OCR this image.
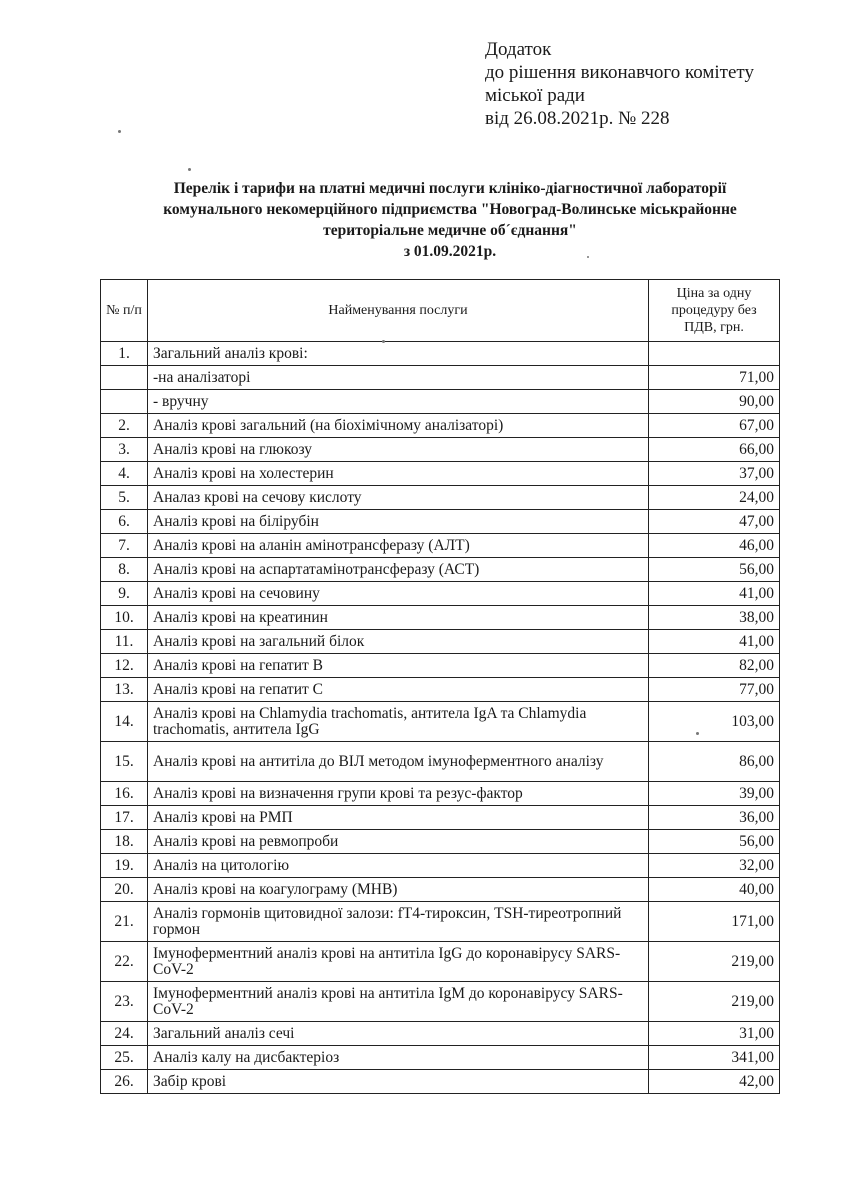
Додаток
до рішення виконавчого комітету
міської ради
від 26.08.2021р. № 228
Перелік і тарифи на платні медичні послуги клініко-діагностичної лабораторії
комунального некомерційного підприємства "Новоград-Волинське міськрайонне
територіальне медичне об´єднання"
з 01.09.2021р.
№ п/п	Найменування послуги	Ціна за одну процедуру без ПДВ, грн.
1.	Загальний аналіз крові:	
	-на аналізаторі	71,00
	- вручну	90,00
2.	Аналіз крові загальний (на біохімічному аналізаторі)	67,00
3.	Аналіз крові на глюкозу	66,00
4.	Аналіз крові на холестерин	37,00
5.	Аналаз крові на сечову кислоту	24,00
6.	Аналіз крові на білірубін	47,00
7.	Аналіз крові на аланін амінотрансферазу (АЛТ)	46,00
8.	Аналіз крові на аспартатамінотрансферазу (АСТ)	56,00
9.	Аналіз крові на сечовину	41,00
10.	Аналіз крові на креатинин	38,00
11.	Аналіз крові на загальний білок	41,00
12.	Аналіз крові на гепатит В	82,00
13.	Аналіз крові на гепатит С	77,00
14.	Аналіз крові на Chlamydia trachomatis, антитела IgA та Chlamydia trachomatis, антитела IgG	103,00
15.	Аналіз крові на антитіла до ВІЛ методом імуноферментного аналізу	86,00
16.	Аналіз крові на визначення групи крові та резус-фактор	39,00
17.	Аналіз крові на РМП	36,00
18.	Аналіз крові на ревмопроби	56,00
19.	Аналіз на цитологію	32,00
20.	Аналіз крові на коагулограму (МНВ)	40,00
21.	Аналіз гормонів щитовидної залози: fT4-тироксин, TSH-тиреотропний гормон	171,00
22.	Імуноферментний аналіз крові на антитіла IgG до коронавірусу SARS-CoV-2	219,00
23.	Імуноферментний аналіз крові на антитіла IgM до коронавірусу SARS-CoV-2	219,00
24.	Загальний аналіз сечі	31,00
25.	Аналіз калу на дисбактеріоз	341,00
26.	Забір крові	42,00
